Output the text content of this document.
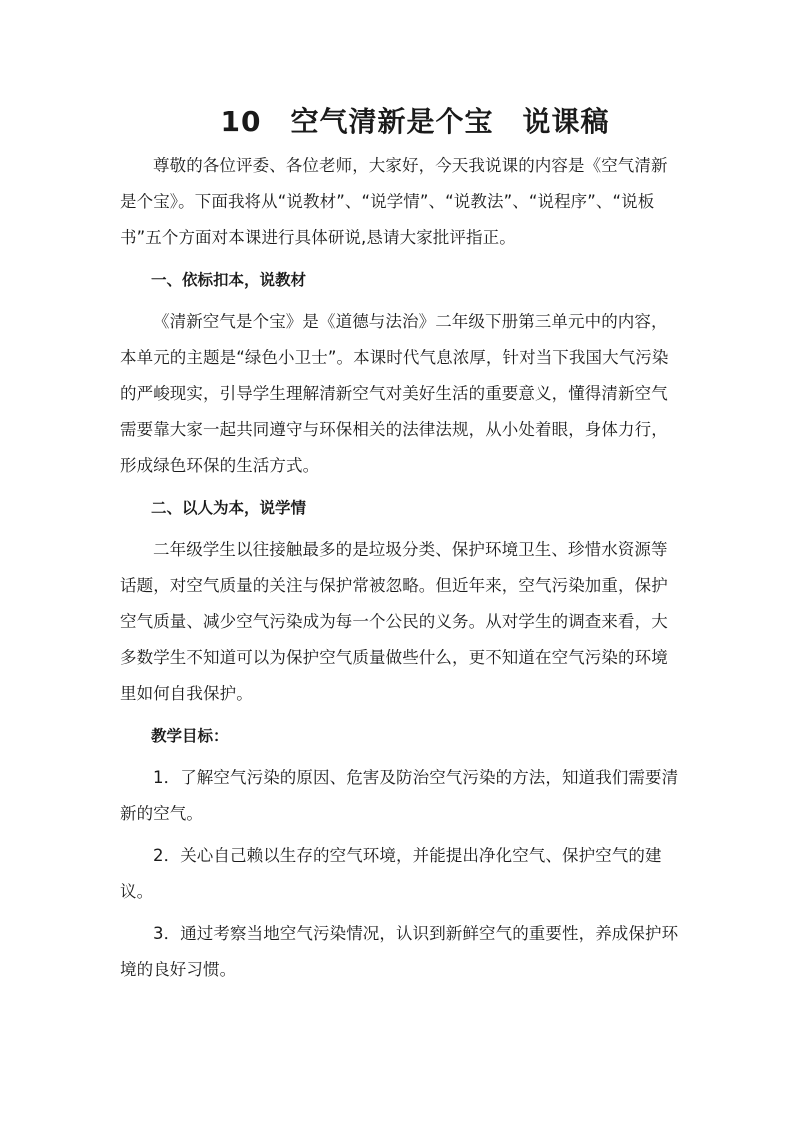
10　空气清新是个宝　说课稿

尊敬的各位评委、各位老师，大家好，今天我说课的内容是《空气清新是个宝》。下面我将从“说教材”、“说学情”、“说教法”、“说程序”、“说板书”五个方面对本课进行具体研说,恳请大家批评指正。

一、依标扣本，说教材

《清新空气是个宝》是《道德与法治》二年级下册第三单元中的内容，本单元的主题是“绿色小卫士”。本课时代气息浓厚，针对当下我国大气污染的严峻现实，引导学生理解清新空气对美好生活的重要意义，懂得清新空气需要靠大家一起共同遵守与环保相关的法律法规，从小处着眼，身体力行，形成绿色环保的生活方式。

二、以人为本，说学情

二年级学生以往接触最多的是垃圾分类、保护环境卫生、珍惜水资源等话题，对空气质量的关注与保护常被忽略。但近年来，空气污染加重，保护空气质量、减少空气污染成为每一个公民的义务。从对学生的调查来看，大多数学生不知道可以为保护空气质量做些什么，更不知道在空气污染的环境里如何自我保护。

教学目标：

1．了解空气污染的原因、危害及防治空气污染的方法，知道我们需要清新的空气。

2．关心自己赖以生存的空气环境，并能提出净化空气、保护空气的建议。

3．通过考察当地空气污染情况，认识到新鲜空气的重要性，养成保护环境的良好习惯。
